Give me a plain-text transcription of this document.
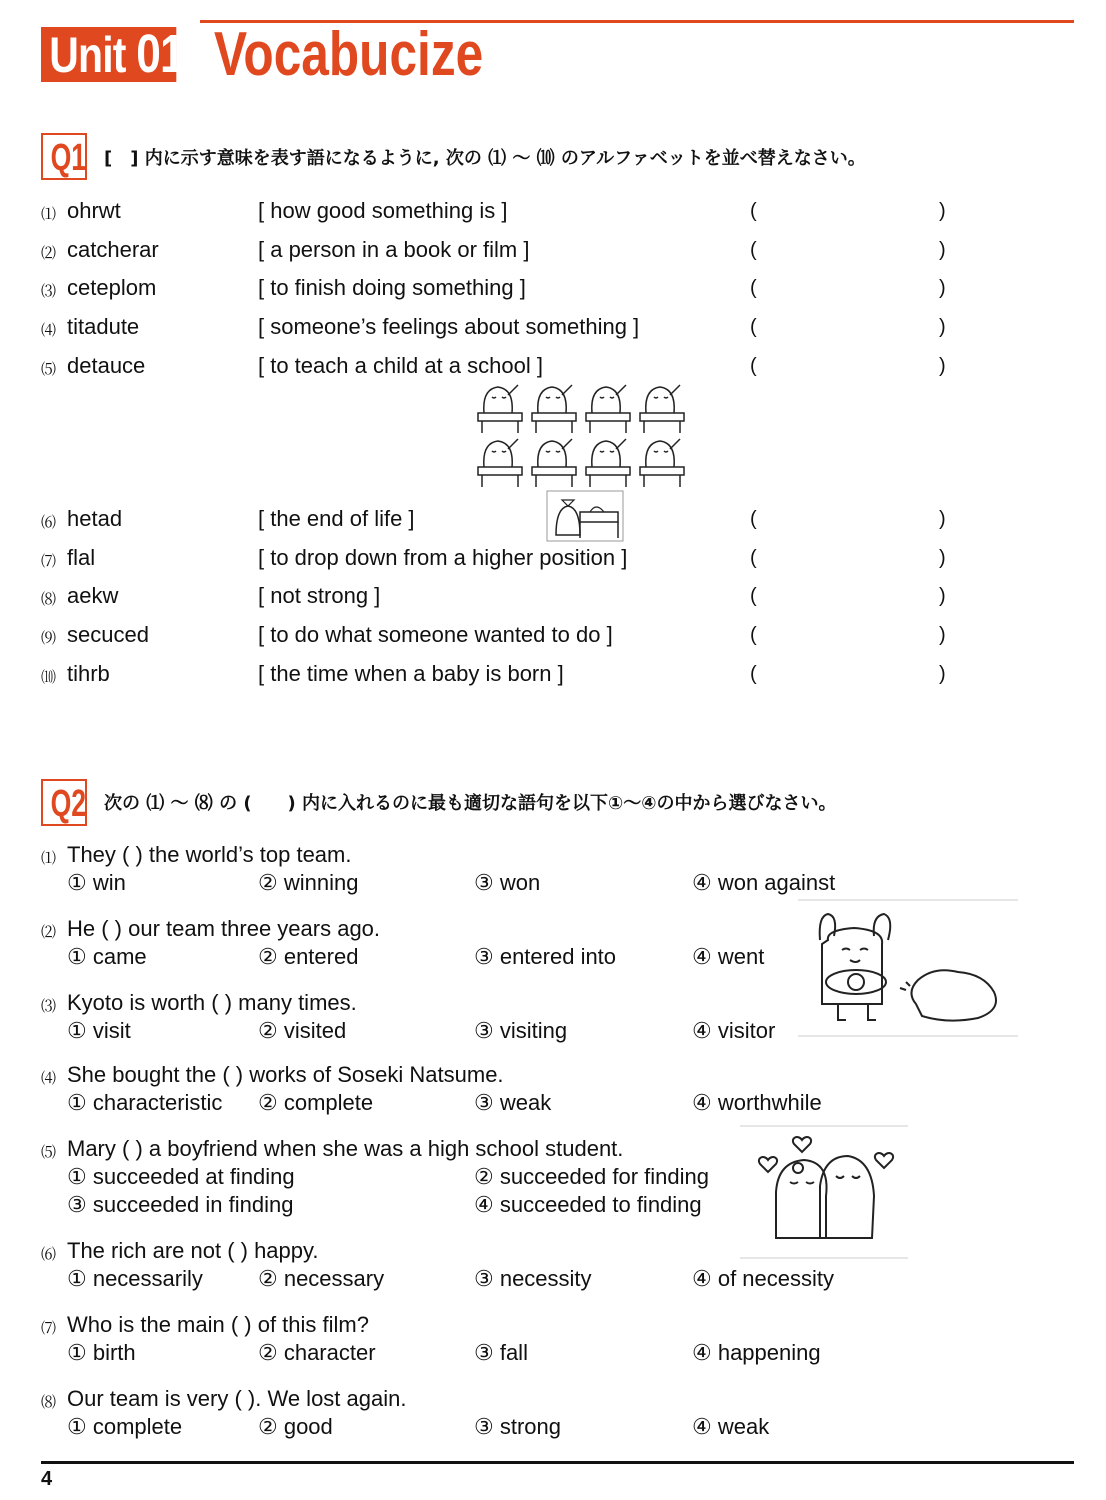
Unit 01 Vocabucize
Q1 [　] 内に示す意味を表す語になるように, 次の ⑴ 〜 ⑽ のアルファベットを並べ替えなさい。
⑴ ohrwt	[ how good something is ]	(	)
⑵ catcherar	[ a person in a book or film ]	(	)
⑶ ceteplom	[ to finish doing something ]	(	)
⑷ titadute	[ someone’s feelings about something ]	(	)
⑸ detauce	[ to teach a child at a school ]	(	)
⑹ hetad	[ the end of life ]	(	)
⑺ flal	[ to drop down from a higher position ]	(	)
⑻ aekw	[ not strong ]	(	)
⑼ secuced	[ to do what someone wanted to do ]	(	)
⑽ tihrb	[ the time when a baby is born ]	(	)
Q2 次の ⑴ 〜 ⑻ の (　　) 内に入れるのに最も適切な語句を以下①〜④の中から選びなさい。
⑴ They ( ) the world’s top team.
① win	② winning	③ won	④ won against
⑵ He ( ) our team three years ago.
① came	② entered	③ entered into	④ went
⑶ Kyoto is worth ( ) many times.
① visit	② visited	③ visiting	④ visitor
⑷ She bought the ( ) works of Soseki Natsume.
① characteristic ② complete	③ weak	④ worthwhile
⑸ Mary ( ) a boyfriend when she was a high school student.
① succeeded at finding	② succeeded for finding
③ succeeded in finding	④ succeeded to finding
⑹ The rich are not ( ) happy.
① necessarily	② necessary	③ necessity	④ of necessity
⑺ Who is the main ( ) of this film?
① birth	② character	③ fall	④ happening
⑻ Our team is very ( ). We lost again.
① complete	② good	③ strong	④ weak
4
